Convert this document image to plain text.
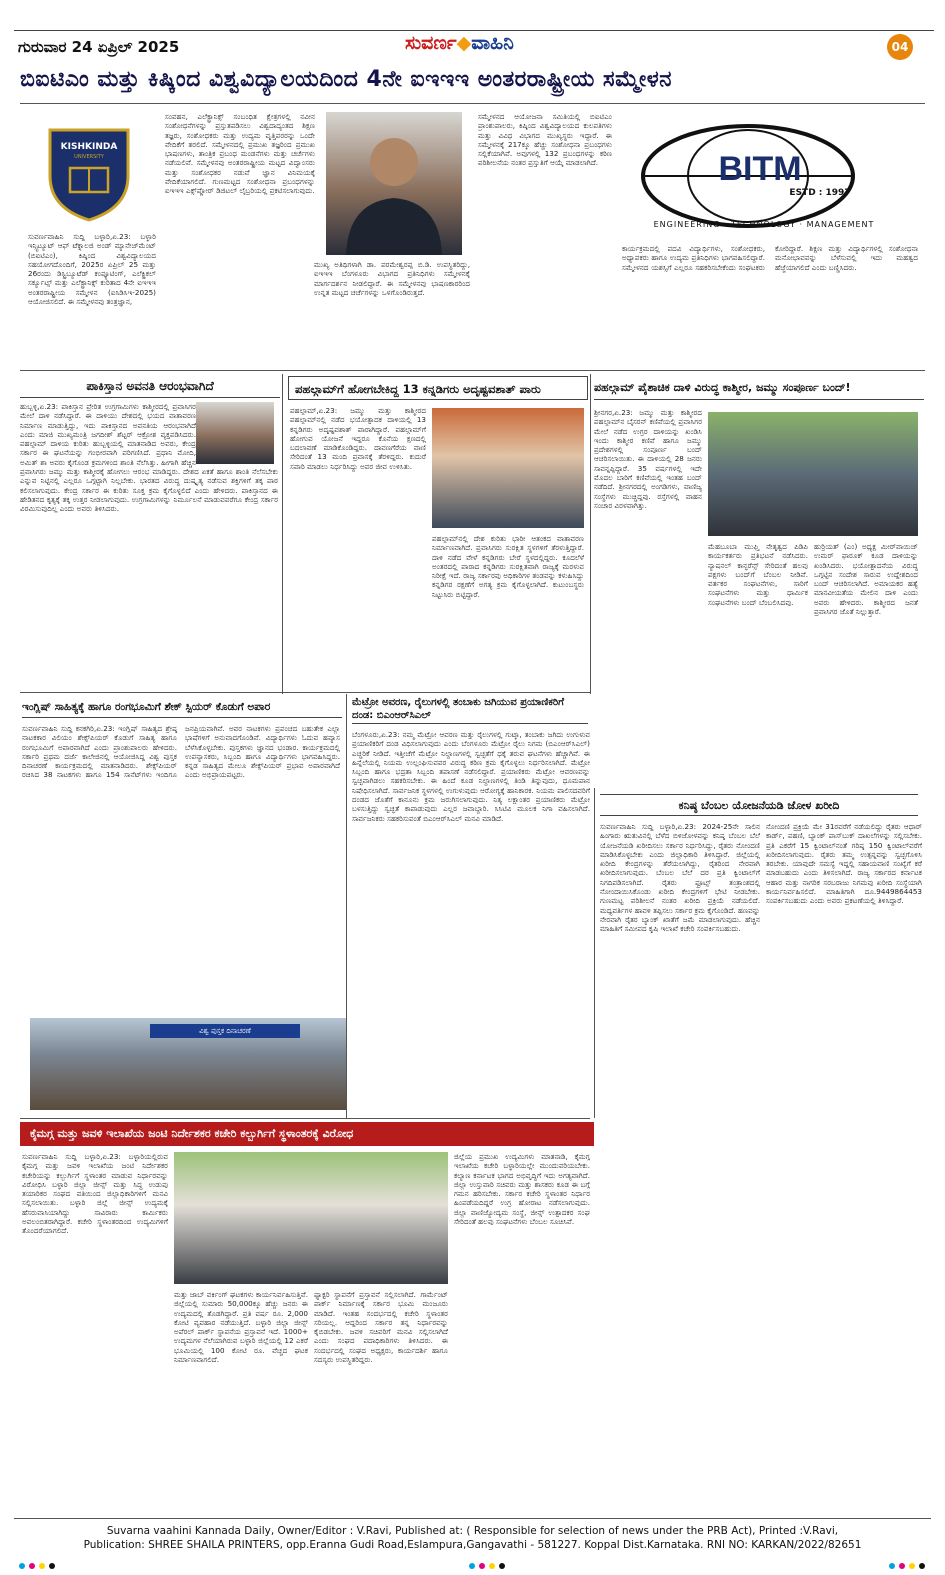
ಗುರುವಾರ 24 ಏಪ್ರಿಲ್ 2025	ಸುವರ್ಣ◆ವಾಹಿನಿ	04
ಬಿಐಟಿಎಂ ಮತ್ತು ಕಿಷ್ಕಿಂದ ವಿಶ್ವವಿದ್ಯಾಲಯದಿಂದ 4ನೇ ಐಇಇಇ ಅಂತರರಾಷ್ಟ್ರೀಯ ಸಮ್ಮೇಳನ
KISHKINDA
UNIVERSITY
ಸುವರ್ಣವಾಹಿನಿ ಸುದ್ದಿ ಬಳ್ಳಾರಿ,ಏ.23: ಬಳ್ಳಾರಿ ಇನ್ಸ್ಟಿಟ್ಯೂಟ್ ಆಫ್ ಟೆಕ್ನಾಲಜಿ ಅಂಡ್ ಮ್ಯಾನೇಜ್‌ಮೆಂಟ್ (ಬಿಐಟಿಎಂ), ಕಿಷ್ಕಿಂದ ವಿಶ್ವವಿದ್ಯಾಲಯದ ಸಹಯೋಗದೊಂದಿಗೆ, 2025ರ ಏಪ್ರಿಲ್ 25 ಮತ್ತು 26ರಂದು ಡಿಸ್ಟ್ರಿಬ್ಯೂಟೆಡ್ ಕಂಪ್ಯೂಟಿಂಗ್, ಎಲೆಕ್ಟ್ರಿಕಲ್ ಸರ್ಕ್ಯೂಟ್ಸ್ ಮತ್ತು ಎಲೆಕ್ಟ್ರಾನಿಕ್ಸ್ ಕುರಿತಾದ 4ನೇ ಐಇಇಇ ಅಂತರರಾಷ್ಟ್ರೀಯ ಸಮ್ಮೇಳನ (ಐಸಿಡಿಸಿಇ-2025) ಆಯೋಜಿಸಲಿದೆ. ಈ ಸಮ್ಮೇಳನವು ತಂತ್ರಜ್ಞಾನ,
ಸಂವಹನ, ಎಲೆಕ್ಟ್ರಾನಿಕ್ಸ್ ಸಂಬಂಧಿತ ಕ್ಷೇತ್ರಗಳಲ್ಲಿ ನವೀನ ಸಂಶೋಧನೆಗಳನ್ನು ಪ್ರಸ್ತುತಪಡಿಸಲು ವಿಶ್ವದಾದ್ಯಂತದ ಶಿಕ್ಷಣ ತಜ್ಞರು, ಸಂಶೋಧಕರು ಮತ್ತು ಉದ್ಯಮ ವೃತ್ತಿಪರರನ್ನು ಒಂದೇ ವೇದಿಕೆಗೆ ತರಲಿದೆ. ಸಮ್ಮೇಳನದಲ್ಲಿ ಪ್ರಮುಖ ತಜ್ಞರಿಂದ ಪ್ರಮುಖ ಭಾಷಣಗಳು, ತಾಂತ್ರಿಕ ಪ್ರಬಂಧ ಮಂಡನೆಗಳು ಮತ್ತು ಚರ್ಚೆಗಳು ನಡೆಯಲಿವೆ. ಸಮ್ಮೇಳನವು ಅಂತರರಾಷ್ಟ್ರೀಯ ಮಟ್ಟದ ವಿದ್ವಾಂಸರು ಮತ್ತು ಸಂಶೋಧಕರ ನಡುವೆ ಜ್ಞಾನ ವಿನಿಮಯಕ್ಕೆ ವೇದಿಕೆಯಾಗಲಿದೆ. ಗುಣಮಟ್ಟದ ಸಂಶೋಧನಾ ಪ್ರಬಂಧಗಳನ್ನು ಐಇಇಇ ಎಕ್ಸ್‌ಪ್ಲೋರ್ ಡಿಜಿಟಲ್ ಲೈಬ್ರರಿಯಲ್ಲಿ ಪ್ರಕಟಿಸಲಾಗುವುದು.
ಮುಖ್ಯ ಅತಿಥಿಗಳಾಗಿ ಡಾ. ಪರಮೇಶ್ವರಪ್ಪ ಬಿ.ಡಿ. ಉಪಸ್ಥಿತರಿದ್ದು, ಐಇಇಇ ಬೆಂಗಳೂರು ವಿಭಾಗದ ಪ್ರತಿನಿಧಿಗಳು ಸಮ್ಮೇಳನಕ್ಕೆ ಮಾರ್ಗದರ್ಶನ ನೀಡಲಿದ್ದಾರೆ. ಈ ಸಮ್ಮೇಳನವು ಭಾಷಣಕಾರರಿಂದ ಉನ್ನತ ಮಟ್ಟದ ಚರ್ಚೆಗಳನ್ನು ಒಳಗೊಂಡಿರುತ್ತದೆ.
ಸಮ್ಮೇಳನದ ಆಯೋಜನಾ ಸಮಿತಿಯಲ್ಲಿ ಬಿಐಟಿಎಂ ಪ್ರಾಂಶುಪಾಲರು, ಕಿಷ್ಕಿಂದ ವಿಶ್ವವಿದ್ಯಾಲಯದ ಕುಲಪತಿಗಳು ಮತ್ತು ವಿವಿಧ ವಿಭಾಗದ ಮುಖ್ಯಸ್ಥರು ಇದ್ದಾರೆ. ಈ ಸಮ್ಮೇಳನಕ್ಕೆ 217ಕ್ಕೂ ಹೆಚ್ಚು ಸಂಶೋಧನಾ ಪ್ರಬಂಧಗಳು ಸಲ್ಲಿಕೆಯಾಗಿವೆ. ಅವುಗಳಲ್ಲಿ 132 ಪ್ರಬಂಧಗಳನ್ನು ಕಠಿಣ ಪರಿಶೀಲನೆಯ ನಂತರ ಪ್ರಸ್ತುತಿಗೆ ಆಯ್ಕೆ ಮಾಡಲಾಗಿದೆ.	BITM
ESTD : 1997
ENGINEERING · TECHNOLOGY · MANAGEMENT
ಕಾರ್ಯಕ್ರಮದಲ್ಲಿ ಪದವಿ ವಿದ್ಯಾರ್ಥಿಗಳು, ಸಂಶೋಧಕರು, ಅಧ್ಯಾಪಕರು ಹಾಗೂ ಉದ್ಯಮ ಪ್ರತಿನಿಧಿಗಳು ಭಾಗವಹಿಸಲಿದ್ದಾರೆ. ಸಮ್ಮೇಳನದ ಯಶಸ್ಸಿಗೆ ಎಲ್ಲರೂ ಸಹಕರಿಸಬೇಕೆಂದು ಸಂಘಟಕರು ಕೋರಿದ್ದಾರೆ. ಶಿಕ್ಷಣ ಮತ್ತು ವಿದ್ಯಾರ್ಥಿಗಳಲ್ಲಿ ಸಂಶೋಧನಾ ಮನೋಭಾವವನ್ನು ಬೆಳೆಸುವಲ್ಲಿ ಇದು ಮಹತ್ವದ ಹೆಜ್ಜೆಯಾಗಲಿದೆ ಎಂದು ಬಣ್ಣಿಸಿದರು.
ಪಾಕಿಸ್ತಾನ ಅವನತಿ ಆರಂಭವಾಗಿದೆ
ಹುಬ್ಬಳ್ಳಿ,ಏ.23: ಪಾಕಿಸ್ತಾನ ಪ್ರೇರಿತ ಉಗ್ರಗಾಮಿಗಳು ಕಾಶ್ಮೀರದಲ್ಲಿ ಪ್ರವಾಸಿಗರ ಮೇಲೆ ದಾಳಿ ನಡೆಸಿದ್ದಾರೆ. ಈ ದಾಳಿಯು ದೇಶದಲ್ಲಿ ಭಯದ ವಾತಾವರಣ ನಿರ್ಮಾಣ ಮಾಡುತ್ತಿದ್ದು, ಇದು ಪಾಕಿಸ್ತಾನದ ಅವನತಿಯ ಆರಂಭವಾಗಿದೆ ಎಂದು ಮಾಜಿ ಮುಖ್ಯಮಂತ್ರಿ ಜಗದೀಶ್ ಶೆಟ್ಟರ್ ಆಕ್ರೋಶ ವ್ಯಕ್ತಪಡಿಸಿದರು. ಪಹಲ್ಗಾಮ್ ದಾಳಿಯ ಕುರಿತು ಹುಬ್ಬಳ್ಳಿಯಲ್ಲಿ ಮಾತನಾಡಿದ ಅವರು, ಕೇಂದ್ರ ಸರ್ಕಾರ ಈ ಘಟನೆಯನ್ನು ಗಂಭೀರವಾಗಿ ಪರಿಗಣಿಸಿದೆ. ಪ್ರಧಾನಿ ಮೋದಿ, ಅಮಿತ್ ಶಾ ಅವರು ಕೈಗೊಂಡ ಕ್ರಮಗಳಿಂದ ಶಾಂತಿ ನೆಲೆಸಿತ್ತು. ಹೀಗಾಗಿ ಹೆಚ್ಚಿನ ಪ್ರವಾಸಿಗರು ಜಮ್ಮು ಮತ್ತು ಕಾಶ್ಮೀರಕ್ಕೆ ಹೋಗಲು ಆರಂಭ ಮಾಡಿದ್ದರು. ದೇಶದ ಏಕತೆ ಹಾಗೂ ಶಾಂತಿ ನೆಲೆಸಬೇಕು ಎನ್ನುವ ನಿಟ್ಟಿನಲ್ಲಿ ಎಲ್ಲರೂ ಒಗ್ಗಟ್ಟಾಗಿ ನಿಲ್ಲಬೇಕು. ಭಾರತದ ವಿರುದ್ಧ ದುಷ್ಕೃತ್ಯ ನಡೆಸುವ ಶಕ್ತಿಗಳಿಗೆ ತಕ್ಕ ಪಾಠ ಕಲಿಸಲಾಗುವುದು. ಕೇಂದ್ರ ಸರ್ಕಾರ ಈ ಕುರಿತು ಸೂಕ್ತ ಕ್ರಮ ಕೈಗೊಳ್ಳಲಿದೆ ಎಂದು ಹೇಳಿದರು. ಪಾಕಿಸ್ತಾನದ ಈ ಹೇಡಿತನದ ಕೃತ್ಯಕ್ಕೆ ತಕ್ಕ ಉತ್ತರ ನೀಡಲಾಗುವುದು. ಉಗ್ರಗಾಮಿಗಳನ್ನು ನಿರ್ಮೂಲನೆ ಮಾಡುವವರೆಗೂ ಕೇಂದ್ರ ಸರ್ಕಾರ ವಿರಮಿಸುವುದಿಲ್ಲ ಎಂದು ಅವರು ತಿಳಿಸಿದರು.
ಪಹಲ್ಗಾಮ್‌ಗೆ ಹೋಗಬೇಕಿದ್ದ 13 ಕನ್ನಡಿಗರು ಅದೃಷ್ಟವಶಾತ್ ಪಾರು
ಪಹಲ್ಗಾಮ್,ಏ.23: ಜಮ್ಮು ಮತ್ತು ಕಾಶ್ಮೀರದ ಪಹಲ್ಗಾಮ್‌ನಲ್ಲಿ ನಡೆದ ಭಯೋತ್ಪಾದಕ ದಾಳಿಯಲ್ಲಿ 13 ಕನ್ನಡಿಗರು ಅದೃಷ್ಟವಶಾತ್ ಪಾರಾಗಿದ್ದಾರೆ. ಪಹಲ್ಗಾಮ್‌ಗೆ ಹೋಗುವ ಯೋಜನೆ ಇದ್ದರೂ ಕೊನೆಯ ಕ್ಷಣದಲ್ಲಿ ಬದಲಾವಣೆ ಮಾಡಿಕೊಂಡಿದ್ದರು. ದಾವಣಗೆರೆಯ ವಾಣಿ ಸೇರಿದಂತೆ 13 ಮಂದಿ ಪ್ರವಾಸಕ್ಕೆ ತೆರಳಿದ್ದರು. ಕುದುರೆ ಸವಾರಿ ಮಾಡಲು ನಿರ್ಧರಿಸಿದ್ದು ಅವರ ಜೀವ ಉಳಿಸಿತು.
ಪಹಲ್ಗಾಮ್‌ನಲ್ಲಿ ದೇಶ ಕುರಿತು ಭಾರೀ ಆತಂಕದ ವಾತಾವರಣ ನಿರ್ಮಾಣವಾಗಿದೆ. ಪ್ರವಾಸಿಗರು ಸುರಕ್ಷಿತ ಸ್ಥಳಗಳಿಗೆ ತೆರಳುತ್ತಿದ್ದಾರೆ. ದಾಳಿ ನಡೆದ ವೇಳೆ ಕನ್ನಡಿಗರು ಬೇರೆ ಸ್ಥಳದಲ್ಲಿದ್ದರು. ಕೂದಲೆಳೆ ಅಂತರದಲ್ಲಿ ಪಾರಾದ ಕನ್ನಡಿಗರು ಸುರಕ್ಷಿತವಾಗಿ ರಾಜ್ಯಕ್ಕೆ ಮರಳುವ ನಿರೀಕ್ಷೆ ಇದೆ. ರಾಜ್ಯ ಸರ್ಕಾರವು ಅಧಿಕಾರಿಗಳ ತಂಡವನ್ನು ಕಳುಹಿಸಿದ್ದು ಕನ್ನಡಿಗರ ರಕ್ಷಣೆಗೆ ಅಗತ್ಯ ಕ್ರಮ ಕೈಗೊಳ್ಳಲಾಗಿದೆ. ಕುಟುಂಬಸ್ಥರು ನಿಟ್ಟುಸಿರು ಬಿಟ್ಟಿದ್ದಾರೆ.
ಪಹಲ್ಗಾಮ್ ಪೈಶಾಚಿಕ ದಾಳಿ ವಿರುದ್ಧ ಕಾಶ್ಮೀರ, ಜಮ್ಮು ಸಂಪೂರ್ಣ ಬಂದ್!
ಶ್ರೀನಗರ,ಏ.23: ಜಮ್ಮು ಮತ್ತು ಕಾಶ್ಮೀರದ ಪಹಲ್ಗಾಮ್‌ನ ಬೈಸರನ್ ಕಣಿವೆಯಲ್ಲಿ ಪ್ರವಾಸಿಗರ ಮೇಲೆ ನಡೆದ ಉಗ್ರರ ದಾಳಿಯನ್ನು ಖಂಡಿಸಿ ಇಂದು ಕಾಶ್ಮೀರ ಕಣಿವೆ ಹಾಗೂ ಜಮ್ಮು ಪ್ರದೇಶಗಳಲ್ಲಿ ಸಂಪೂರ್ಣ ಬಂದ್ ಆಚರಿಸಲಾಯಿತು. ಈ ದಾಳಿಯಲ್ಲಿ 28 ಜನರು ಸಾವನ್ನಪ್ಪಿದ್ದಾರೆ. 35 ವರ್ಷಗಳಲ್ಲಿ ಇದೇ ಮೊದಲ ಬಾರಿಗೆ ಕಣಿವೆಯಲ್ಲಿ ಇಂತಹ ಬಂದ್ ನಡೆದಿದೆ. ಶ್ರೀನಗರದಲ್ಲಿ ಅಂಗಡಿಗಳು, ವಾಣಿಜ್ಯ ಸಂಸ್ಥೆಗಳು ಮುಚ್ಚಿದ್ದವು. ರಸ್ತೆಗಳಲ್ಲಿ ವಾಹನ ಸಂಚಾರ ವಿರಳವಾಗಿತ್ತು.
ಮೆಹಬೂಬಾ ಮುಫ್ತಿ ನೇತೃತ್ವದ ಪಿಡಿಪಿ ಕಾರ್ಯಕರ್ತರು ಪ್ರತಿಭಟನೆ ನಡೆಸಿದರು. ನ್ಯಾಷನಲ್ ಕಾನ್ಫರೆನ್ಸ್ ಸೇರಿದಂತೆ ಹಲವು ಪಕ್ಷಗಳು ಬಂದ್‌ಗೆ ಬೆಂಬಲ ನೀಡಿವೆ. ವರ್ತಕರ ಸಂಘಟನೆಗಳು, ಸಾರಿಗೆ ಸಂಘಟನೆಗಳು ಮತ್ತು ಧಾರ್ಮಿಕ ಸಂಘಟನೆಗಳು ಬಂದ್ ಬೆಂಬಲಿಸಿದವು.
ಹುರ್ರಿಯತ್ (ಎಂ) ಅಧ್ಯಕ್ಷ ಮೀರ್‌ವಾಯಿಜ್ ಉಮರ್ ಫಾರೂಕ್ ಕೂಡ ದಾಳಿಯನ್ನು ಖಂಡಿಸಿದರು. ಭಯೋತ್ಪಾದನೆಯ ವಿರುದ್ಧ ಒಗ್ಗಟ್ಟಿನ ಸಂದೇಶ ಸಾರುವ ಉದ್ದೇಶದಿಂದ ಬಂದ್ ಆಚರಿಸಲಾಗಿದೆ. ಅಮಾಯಕರ ಹತ್ಯೆ ಮಾನವೀಯತೆಯ ಮೇಲಿನ ದಾಳಿ ಎಂದು ಅವರು ಹೇಳಿದರು. ಕಾಶ್ಮೀರದ ಜನತೆ ಪ್ರವಾಸಿಗರ ಜೊತೆ ನಿಲ್ಲುತ್ತಾರೆ.
ಇಂಗ್ಲಿಷ್ ಸಾಹಿತ್ಯಕ್ಕೆ ಹಾಗೂ ರಂಗಭೂಮಿಗೆ ಶೇಕ್ ಸ್ಪಿಯರ್ ಕೊಡುಗೆ ಅಪಾರ
ಸುವರ್ಣವಾಹಿನಿ ಸುದ್ದಿ ಕನಕಗಿರಿ,ಏ.23: ಇಂಗ್ಲಿಷ್ ಸಾಹಿತ್ಯದ ಶ್ರೇಷ್ಠ ನಾಟಕಕಾರ ವಿಲಿಯಂ ಶೇಕ್ಸ್‌ಪಿಯರ್ ಕೊಡುಗೆ ಸಾಹಿತ್ಯ ಹಾಗೂ ರಂಗಭೂಮಿಗೆ ಅಪಾರವಾಗಿದೆ ಎಂದು ಪ್ರಾಂಶುಪಾಲರು ಹೇಳಿದರು. ಸರ್ಕಾರಿ ಪ್ರಥಮ ದರ್ಜೆ ಕಾಲೇಜಿನಲ್ಲಿ ಆಯೋಜಿಸಿದ್ದ ವಿಶ್ವ ಪುಸ್ತಕ ದಿನಾಚರಣೆ ಕಾರ್ಯಕ್ರಮದಲ್ಲಿ ಮಾತನಾಡಿದರು. ಶೇಕ್ಸ್‌ಪಿಯರ್ ರಚಿಸಿದ 38 ನಾಟಕಗಳು ಹಾಗೂ 154 ಸಾನೆಟ್‌ಗಳು ಇಂದಿಗೂ ಜನಪ್ರಿಯವಾಗಿವೆ. ಅವರ ನಾಟಕಗಳು ಪ್ರಪಂಚದ ಬಹುತೇಕ ಎಲ್ಲಾ ಭಾಷೆಗಳಿಗೆ ಅನುವಾದಗೊಂಡಿವೆ. ವಿದ್ಯಾರ್ಥಿಗಳು ಓದುವ ಹವ್ಯಾಸ ಬೆಳೆಸಿಕೊಳ್ಳಬೇಕು. ಪುಸ್ತಕಗಳು ಜ್ಞಾನದ ಭಂಡಾರ. ಕಾರ್ಯಕ್ರಮದಲ್ಲಿ ಉಪನ್ಯಾಸಕರು, ಸಿಬ್ಬಂದಿ ಹಾಗೂ ವಿದ್ಯಾರ್ಥಿಗಳು ಭಾಗವಹಿಸಿದ್ದರು. ಕನ್ನಡ ಸಾಹಿತ್ಯದ ಮೇಲೂ ಶೇಕ್ಸ್‌ಪಿಯರ್ ಪ್ರಭಾವ ಅಪಾರವಾಗಿದೆ ಎಂದು ಅಭಿಪ್ರಾಯಪಟ್ಟರು.
ವಿಶ್ವ ಪುಸ್ತಕ ದಿನಾಚರಣೆ
ಮೆಟ್ರೋ ಅವರಣ, ರೈಲುಗಳಲ್ಲಿ ತಂಬಾಕು ಜಗಿಯುವ ಪ್ರಯಾಣಿಕರಿಗೆ ದಂಡ: ಬಿಎಂಆರ್‌ಸಿಎಲ್
ಬೆಂಗಳೂರು,ಏ.23: ನಮ್ಮ ಮೆಟ್ರೋ ಆವರಣ ಮತ್ತು ರೈಲುಗಳಲ್ಲಿ ಗುಟ್ಕಾ, ತಂಬಾಕು ಜಗಿದು ಉಗುಳುವ ಪ್ರಯಾಣಿಕರಿಗೆ ದಂಡ ವಿಧಿಸಲಾಗುವುದು ಎಂದು ಬೆಂಗಳೂರು ಮೆಟ್ರೋ ರೈಲು ನಿಗಮ (ಬಿಎಂಆರ್‌ಸಿಎಲ್) ಎಚ್ಚರಿಕೆ ನೀಡಿದೆ. ಇತ್ತೀಚೆಗೆ ಮೆಟ್ರೋ ನಿಲ್ದಾಣಗಳಲ್ಲಿ ಸ್ವಚ್ಛತೆಗೆ ಧಕ್ಕೆ ತರುವ ಘಟನೆಗಳು ಹೆಚ್ಚಾಗಿವೆ. ಈ ಹಿನ್ನೆಲೆಯಲ್ಲಿ ನಿಯಮ ಉಲ್ಲಂಘಿಸುವವರ ವಿರುದ್ಧ ಕಠಿಣ ಕ್ರಮ ಕೈಗೊಳ್ಳಲು ನಿರ್ಧರಿಸಲಾಗಿದೆ. ಮೆಟ್ರೋ ಸಿಬ್ಬಂದಿ ಹಾಗೂ ಭದ್ರತಾ ಸಿಬ್ಬಂದಿ ತಪಾಸಣೆ ನಡೆಸಲಿದ್ದಾರೆ. ಪ್ರಯಾಣಿಕರು ಮೆಟ್ರೋ ಆವರಣವನ್ನು ಸ್ವಚ್ಛವಾಗಿಡಲು ಸಹಕರಿಸಬೇಕು. ಈ ಹಿಂದೆ ಕೂಡ ನಿಲ್ದಾಣಗಳಲ್ಲಿ ತಿಂಡಿ ತಿನ್ನುವುದು, ಧೂಮಪಾನ ನಿಷೇಧಿಸಲಾಗಿದೆ. ಸಾರ್ವಜನಿಕ ಸ್ಥಳಗಳಲ್ಲಿ ಉಗುಳುವುದು ಆರೋಗ್ಯಕ್ಕೆ ಹಾನಿಕಾರಕ. ನಿಯಮ ಪಾಲಿಸದವರಿಗೆ ದಂಡದ ಜೊತೆಗೆ ಕಾನೂನು ಕ್ರಮ ಜರುಗಿಸಲಾಗುವುದು. ನಿತ್ಯ ಲಕ್ಷಾಂತರ ಪ್ರಯಾಣಿಕರು ಮೆಟ್ರೋ ಬಳಸುತ್ತಿದ್ದು ಸ್ವಚ್ಛತೆ ಕಾಪಾಡುವುದು ಎಲ್ಲರ ಜವಾಬ್ದಾರಿ. ಸಿಸಿಟಿವಿ ಮೂಲಕ ನಿಗಾ ವಹಿಸಲಾಗಿದೆ. ಸಾರ್ವಜನಿಕರು ಸಹಕರಿಸುವಂತೆ ಬಿಎಂಆರ್‌ಸಿಎಲ್ ಮನವಿ ಮಾಡಿದೆ.
ಕನಿಷ್ಠ ಬೆಂಬಲ ಯೋಜನೆಯಡಿ ಜೋಳ ಖರೀದಿ
ಸುವರ್ಣವಾಹಿನಿ ಸುದ್ದಿ ಬಳ್ಳಾರಿ,ಏ.23: 2024-25ನೇ ಸಾಲಿನ ಹಿಂಗಾರು ಋತುವಿನಲ್ಲಿ ಬೆಳೆದ ಬಿಳಿಜೋಳವನ್ನು ಕನಿಷ್ಠ ಬೆಂಬಲ ಬೆಲೆ ಯೋಜನೆಯಡಿ ಖರೀದಿಸಲು ಸರ್ಕಾರ ನಿರ್ಧರಿಸಿದ್ದು, ರೈತರು ನೋಂದಣಿ ಮಾಡಿಸಿಕೊಳ್ಳಬೇಕು ಎಂದು ಜಿಲ್ಲಾಧಿಕಾರಿ ತಿಳಿಸಿದ್ದಾರೆ. ಜಿಲ್ಲೆಯಲ್ಲಿ ಖರೀದಿ ಕೇಂದ್ರಗಳನ್ನು ತೆರೆಯಲಾಗಿದ್ದು, ರೈತರಿಂದ ನೇರವಾಗಿ ಖರೀದಿಸಲಾಗುವುದು. ಬೆಂಬಲ ಬೆಲೆ ದರ ಪ್ರತಿ ಕ್ವಿಂಟಾಲ್‌ಗೆ ನಿಗದಿಪಡಿಸಲಾಗಿದೆ. ರೈತರು ಫ್ರೂಟ್ಸ್ ತಂತ್ರಾಂಶದಲ್ಲಿ ನೋಂದಾಯಿಸಿಕೊಂಡು ಖರೀದಿ ಕೇಂದ್ರಗಳಿಗೆ ಭೇಟಿ ನೀಡಬೇಕು. ಗುಣಮಟ್ಟ ಪರಿಶೀಲನೆ ನಂತರ ಖರೀದಿ ಪ್ರಕ್ರಿಯೆ ನಡೆಯಲಿದೆ. ಮಧ್ಯವರ್ತಿಗಳ ಹಾವಳಿ ತಪ್ಪಿಸಲು ಸರ್ಕಾರ ಕ್ರಮ ಕೈಗೊಂಡಿದೆ. ಹಣವನ್ನು ನೇರವಾಗಿ ರೈತರ ಬ್ಯಾಂಕ್ ಖಾತೆಗೆ ಜಮೆ ಮಾಡಲಾಗುವುದು. ಹೆಚ್ಚಿನ ಮಾಹಿತಿಗೆ ಸಮೀಪದ ಕೃಷಿ ಇಲಾಖೆ ಕಚೇರಿ ಸಂಪರ್ಕಿಸಬಹುದು.
ನೋಂದಣಿ ಪ್ರಕ್ರಿಯೆ ಮೇ 31ರವರೆಗೆ ನಡೆಯಲಿದ್ದು ರೈತರು ಆಧಾರ್ ಕಾರ್ಡ್, ಪಹಣಿ, ಬ್ಯಾಂಕ್ ಪಾಸ್‌ಬುಕ್ ದಾಖಲೆಗಳನ್ನು ಸಲ್ಲಿಸಬೇಕು. ಪ್ರತಿ ಎಕರೆಗೆ 15 ಕ್ವಿಂಟಾಲ್‌ನಂತೆ ಗರಿಷ್ಠ 150 ಕ್ವಿಂಟಾಲ್‌ವರೆಗೆ ಖರೀದಿಸಲಾಗುವುದು. ರೈತರು ತಮ್ಮ ಉತ್ಪನ್ನವನ್ನು ಸ್ವಚ್ಛಗೊಳಿಸಿ ತರಬೇಕು. ಯಾವುದೇ ಸಮಸ್ಯೆ ಇದ್ದಲ್ಲಿ ಸಹಾಯವಾಣಿ ಸಂಖ್ಯೆಗೆ ಕರೆ ಮಾಡಬಹುದು ಎಂದು ತಿಳಿಸಲಾಗಿದೆ. ರಾಜ್ಯ ಸರ್ಕಾರದ ಕರ್ನಾಟಕ ಆಹಾರ ಮತ್ತು ನಾಗರಿಕ ಸರಬರಾಜು ನಿಗಮವು ಖರೀದಿ ಸಂಸ್ಥೆಯಾಗಿ ಕಾರ್ಯನಿರ್ವಹಿಸಲಿದೆ. ಮಾಹಿತಿಗಾಗಿ ದೂ.9449864453 ಸಂಪರ್ಕಿಸಬಹುದು ಎಂದು ಅವರು ಪ್ರಕಟಣೆಯಲ್ಲಿ ತಿಳಿಸಿದ್ದಾರೆ.
ಕೈಮಗ್ಗ ಮತ್ತು ಜವಳಿ ಇಲಾಖೆಯ ಜಂಟಿ ನಿರ್ದೇಶಕರ ಕಚೇರಿ ಕಲ್ಬುರ್ಗಿಗೆ ಸ್ಥಳಾಂತರಕ್ಕೆ ವಿರೋಧ
ಸುವರ್ಣವಾಹಿನಿ ಸುದ್ದಿ ಬಳ್ಳಾರಿ,ಏ.23: ಬಳ್ಳಾರಿಯಲ್ಲಿರುವ ಕೈಮಗ್ಗ ಮತ್ತು ಜವಳಿ ಇಲಾಖೆಯ ಜಂಟಿ ನಿರ್ದೇಶಕರ ಕಚೇರಿಯನ್ನು ಕಲ್ಬುರ್ಗಿಗೆ ಸ್ಥಳಾಂತರ ಮಾಡುವ ನಿರ್ಧಾರವನ್ನು ವಿರೋಧಿಸಿ ಬಳ್ಳಾರಿ ಜಿಲ್ಲಾ ಜೀನ್ಸ್ ಮತ್ತು ಸಿದ್ಧ ಉಡುಪು ತಯಾರಿಕರ ಸಂಘದ ವತಿಯಿಂದ ಜಿಲ್ಲಾಧಿಕಾರಿಗಳಿಗೆ ಮನವಿ ಸಲ್ಲಿಸಲಾಯಿತು. ಬಳ್ಳಾರಿ ಜಿಲ್ಲೆ ಜೀನ್ಸ್ ಉದ್ಯಮಕ್ಕೆ ಹೆಸರುವಾಸಿಯಾಗಿದ್ದು ಸಾವಿರಾರು ಕಾರ್ಮಿಕರು ಅವಲಂಬಿತರಾಗಿದ್ದಾರೆ. ಕಚೇರಿ ಸ್ಥಳಾಂತರದಿಂದ ಉದ್ಯಮಿಗಳಿಗೆ ತೊಂದರೆಯಾಗಲಿದೆ.
ಮತ್ತು ಜಾಬ್ ವರ್ಕಿಂಗ್ ಘಟಕಗಳು ಕಾರ್ಯನಿರ್ವಹಿಸುತ್ತಿವೆ. ಜಿಲ್ಲೆಯಲ್ಲಿ ಸುಮಾರು 50,000ಕ್ಕೂ ಹೆಚ್ಚು ಜನರು ಈ ಉದ್ಯಮದಲ್ಲಿ ತೊಡಗಿದ್ದಾರೆ. ಪ್ರತಿ ವರ್ಷ ರೂ. 2,000 ಕೋಟಿ ವ್ಯವಹಾರ ನಡೆಯುತ್ತಿದೆ. ಬಳ್ಳಾರಿ ಜಿಲ್ಲಾ ಜೀನ್ಸ್ ಅಪೆರಲ್ ಪಾರ್ಕ್ ಸ್ಥಾಪನೆಯ ಪ್ರಸ್ತಾವನೆ ಇದೆ. 1000+ ಉದ್ಯಮಗಳ ನೆಲೆಯಾಗಿರುವ ಬಳ್ಳಾರಿ ಜಿಲ್ಲೆಯಲ್ಲಿ 12 ಎಕರೆ ಭೂಮಿಯಲ್ಲಿ 100 ಕೋಟಿ ರೂ. ವೆಚ್ಚದ ಘಟಕ ನಿರ್ಮಾಣವಾಗಲಿದೆ.
ಫ್ಯಾಕ್ಟರಿ ಸ್ಥಾಪನೆಗೆ ಪ್ರಸ್ತಾವನೆ ಸಲ್ಲಿಸಲಾಗಿದೆ. ಗಾರ್ಮೆಂಟ್ ಪಾರ್ಕ್ ನಿರ್ಮಾಣಕ್ಕೆ ಸರ್ಕಾರ ಭೂಮಿ ಮಂಜೂರು ಮಾಡಿದೆ. ಇಂತಹ ಸಂದರ್ಭದಲ್ಲಿ ಕಚೇರಿ ಸ್ಥಳಾಂತರ ಸರಿಯಲ್ಲ. ಆದ್ದರಿಂದ ಸರ್ಕಾರ ತನ್ನ ನಿರ್ಧಾರವನ್ನು ಕೈಬಿಡಬೇಕು. ಜವಳಿ ಸಚಿವರಿಗೆ ಮನವಿ ಸಲ್ಲಿಸಲಾಗಿದೆ ಎಂದು ಸಂಘದ ಪದಾಧಿಕಾರಿಗಳು ತಿಳಿಸಿದರು. ಈ ಸಂದರ್ಭದಲ್ಲಿ ಸಂಘದ ಅಧ್ಯಕ್ಷರು, ಕಾರ್ಯದರ್ಶಿ ಹಾಗೂ ಸದಸ್ಯರು ಉಪಸ್ಥಿತರಿದ್ದರು.
ಜಿಲ್ಲೆಯ ಪ್ರಮುಖ ಉದ್ಯಮಿಗಳು ಮಾತನಾಡಿ, ಕೈಮಗ್ಗ ಇಲಾಖೆಯ ಕಚೇರಿ ಬಳ್ಳಾರಿಯಲ್ಲೇ ಮುಂದುವರಿಯಬೇಕು. ಕಲ್ಯಾಣ ಕರ್ನಾಟಕ ಭಾಗದ ಅಭಿವೃದ್ಧಿಗೆ ಇದು ಅಗತ್ಯವಾಗಿದೆ. ಜಿಲ್ಲಾ ಉಸ್ತುವಾರಿ ಸಚಿವರು ಮತ್ತು ಶಾಸಕರು ಕೂಡ ಈ ಬಗ್ಗೆ ಗಮನ ಹರಿಸಬೇಕು. ಸರ್ಕಾರ ಕಚೇರಿ ಸ್ಥಳಾಂತರ ನಿರ್ಧಾರ ಹಿಂಪಡೆಯದಿದ್ದರೆ ಉಗ್ರ ಹೋರಾಟ ನಡೆಸಲಾಗುವುದು. ಜಿಲ್ಲಾ ವಾಣಿಜ್ಯೋದ್ಯಮ ಸಂಸ್ಥೆ, ಜೀನ್ಸ್ ಉತ್ಪಾದಕರ ಸಂಘ ಸೇರಿದಂತೆ ಹಲವು ಸಂಘಟನೆಗಳು ಬೆಂಬಲ ಸೂಚಿಸಿವೆ.
Suvarna vaahini Kannada Daily, Owner/Editor : V.Ravi, Published at: ( Responsible for selection of news under the PRB Act), Printed :V.Ravi,
Publication: SHREE SHAILA PRINTERS, opp.Eranna Gudi Road,Eslampura,Gangavathi - 581227. Koppal Dist.Karnataka. RNI NO: KARKAN/2022/82651
